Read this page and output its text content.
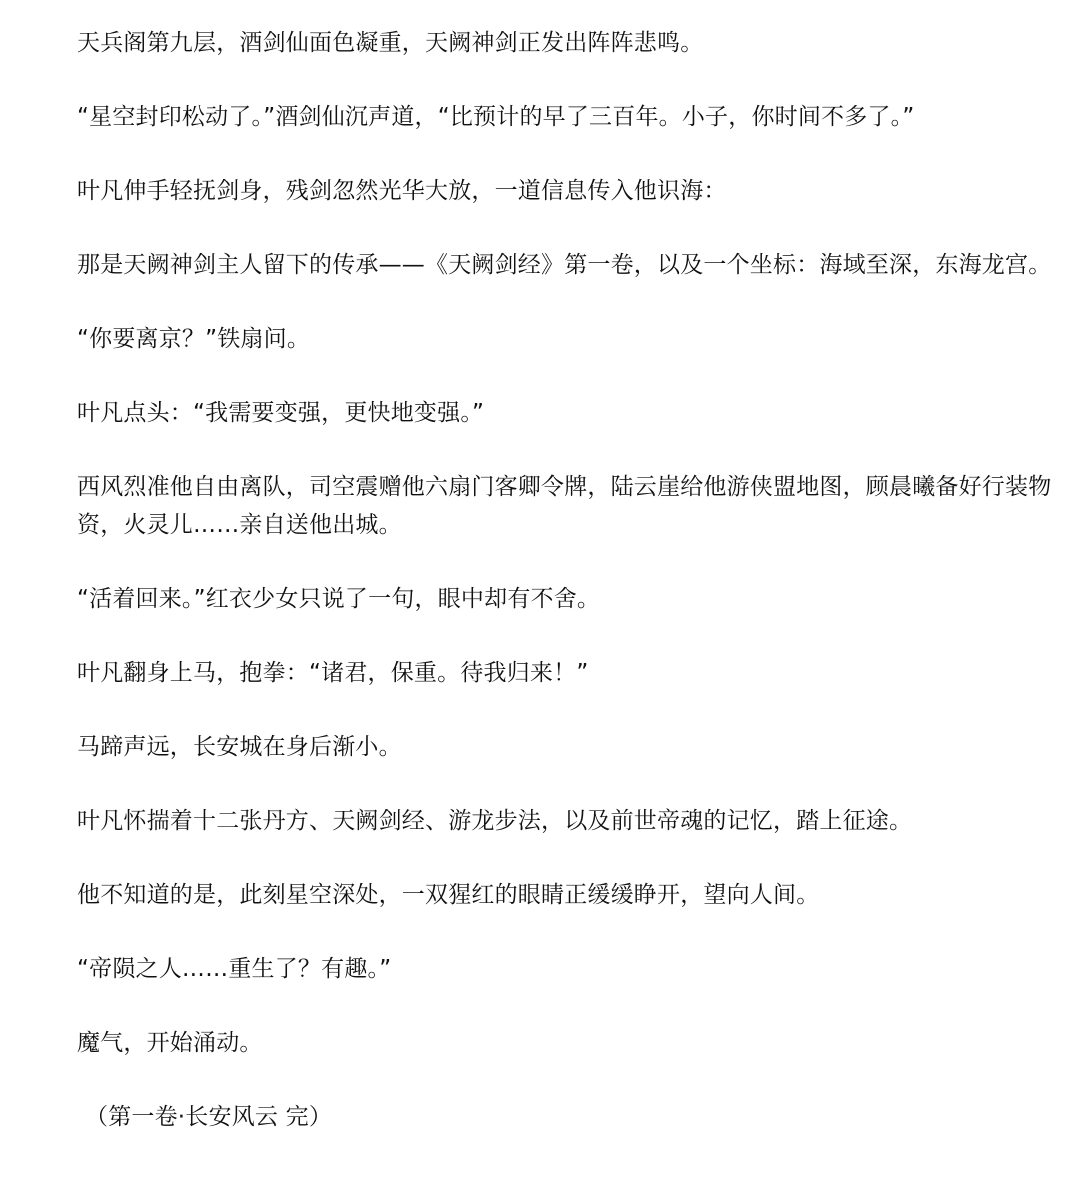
天兵阁第九层，酒剑仙面色凝重，天阙神剑正发出阵阵悲鸣。

“星空封印松动了。”酒剑仙沉声道，“比预计的早了三百年。小子，你时间不多了。”

叶凡伸手轻抚剑身，残剑忽然光华大放，一道信息传入他识海：

那是天阙神剑主人留下的传承——《天阙剑经》第一卷，以及一个坐标：海域至深，东海龙宫。

“你要离京？”铁扇问。

叶凡点头：“我需要变强，更快地变强。”

西风烈准他自由离队，司空震赠他六扇门客卿令牌，陆云崖给他游侠盟地图，顾晨曦备好行装物资，火灵儿……亲自送他出城。

“活着回来。”红衣少女只说了一句，眼中却有不舍。

叶凡翻身上马，抱拳：“诸君，保重。待我归来！”

马蹄声远，长安城在身后渐小。

叶凡怀揣着十二张丹方、天阙剑经、游龙步法，以及前世帝魂的记忆，踏上征途。

他不知道的是，此刻星空深处，一双猩红的眼睛正缓缓睁开，望向人间。

“帝陨之人……重生了？有趣。”

魔气，开始涌动。

（第一卷·长安风云 完）
